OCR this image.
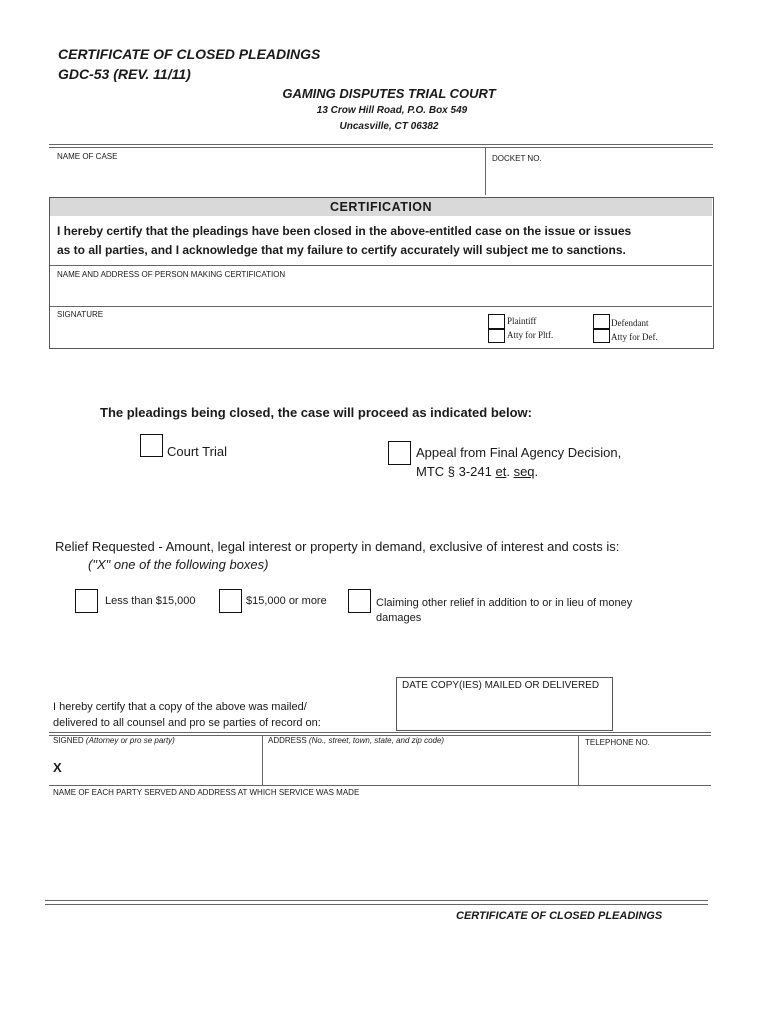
CERTIFICATE OF CLOSED PLEADINGS
GDC-53 (REV. 11/11)
GAMING DISPUTES TRIAL COURT
13 Crow Hill Road, P.O. Box 549
Uncasville, CT 06382
NAME OF CASE	DOCKET NO.
CERTIFICATION
I hereby certify that the pleadings have been closed in the above-entitled case on the issue or issues
as to all parties, and I acknowledge that my failure to certify accurately will subject me to sanctions.
NAME AND ADDRESS OF PERSON MAKING CERTIFICATION
SIGNATURE
Plaintiff
Atty for Pltf.
Defendant
Atty for Def.
The pleadings being closed, the case will proceed as indicated below:
Court Trial	Appeal from Final Agency Decision,
MTC § 3-241 et. seq.
Relief Requested - Amount, legal interest or property in demand, exclusive of interest and costs is:
("X" one of the following boxes)
Less than $15,000	$15,000 or more	Claiming other relief in addition to or in lieu of money
damages
DATE COPY(IES) MAILED OR DELIVERED
I hereby certify that a copy of the above was mailed/
delivered to all counsel and pro se parties of record on:
SIGNED (Attorney or pro se party)	ADDRESS (No., street, town, state, and zip code)	TELEPHONE NO.
X
NAME OF EACH PARTY SERVED AND ADDRESS AT WHICH SERVICE WAS MADE
CERTIFICATE OF CLOSED PLEADINGS
